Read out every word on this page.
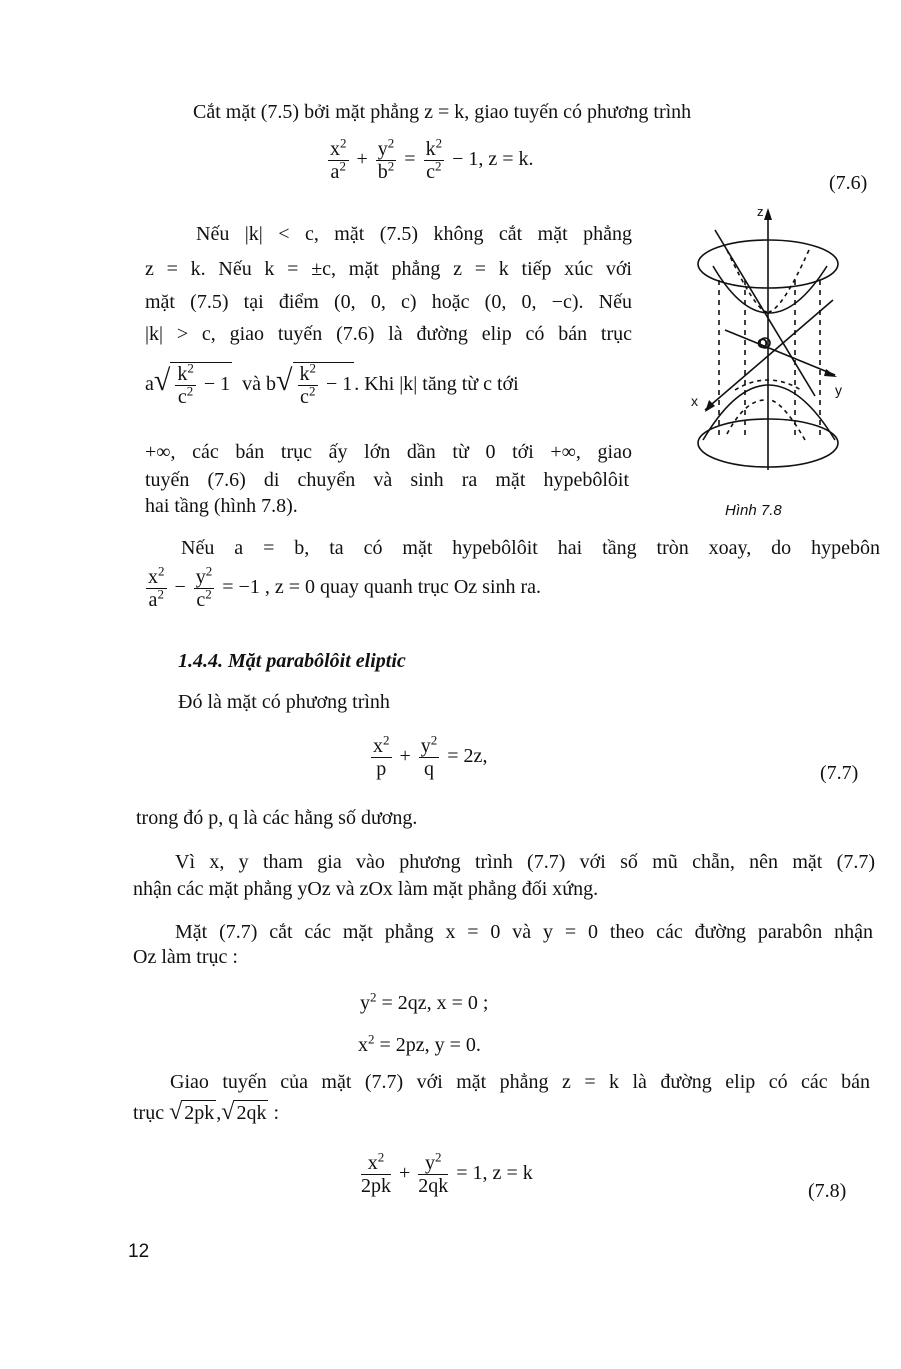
Cắt mặt (7.5) bởi mặt phẳng z = k, giao tuyến có phương trình
$\frac{x^2}{a^2} + \frac{y^2}{b^2} = \frac{k^2}{c^2} - 1$, z = k.
(7.6)
Nếu |k| < c, mặt (7.5) không cắt mặt phẳng
z = k. Nếu k = ±c, mặt phẳng z = k tiếp xúc với
mặt (7.5) tại điểm (0, 0, c) hoặc (0, 0, −c). Nếu
|k| > c, giao tuyến (7.6) là đường elip có bán trục
$a√ \frac{k^2}{c^2} - 1$ và $b√ \frac{k^2}{c^2} - 1$ . Khi |k| tăng từ c tới
+∞, các bán trục ấy lớn dần từ 0 tới +∞, giao
tuyến (7.6) di chuyển và sinh ra mặt hypebôlôit
hai tầng (hình 7.8).
z
y
x
O
Hình 7.8
Nếu a = b, ta có mặt hypebôlôit hai tầng tròn xoay, do hypebôn
$\frac{x^2}{a^2} - \frac{y^2}{c^2} = -1$ , z = 0 quay quanh trục Oz sinh ra.
1.4.4. Mặt parabôlôit eliptic
Đó là mặt có phương trình
$\frac{x^2}{p} + \frac{y^2}{q} = 2z$,
(7.7)
trong đó p, q là các hằng số dương.
Vì x, y tham gia vào phương trình (7.7) với số mũ chẵn, nên mặt (7.7)
nhận các mặt phẳng yOz và zOx làm mặt phẳng đối xứng.
Mặt (7.7) cắt các mặt phẳng x = 0 và y = 0 theo các đường parabôn nhận
Oz làm trục :
$y^2 = 2qz$, x = 0 ;
$x^2 = 2pz$, y = 0.
Giao tuyến của mặt (7.7) với mặt phẳng z = k là đường elip có các bán
trục √ 2pk ,√ 2qk :
$\frac{x^2}{2pk} + \frac{y^2}{2qk} = 1$, z = k
(7.8)
12
